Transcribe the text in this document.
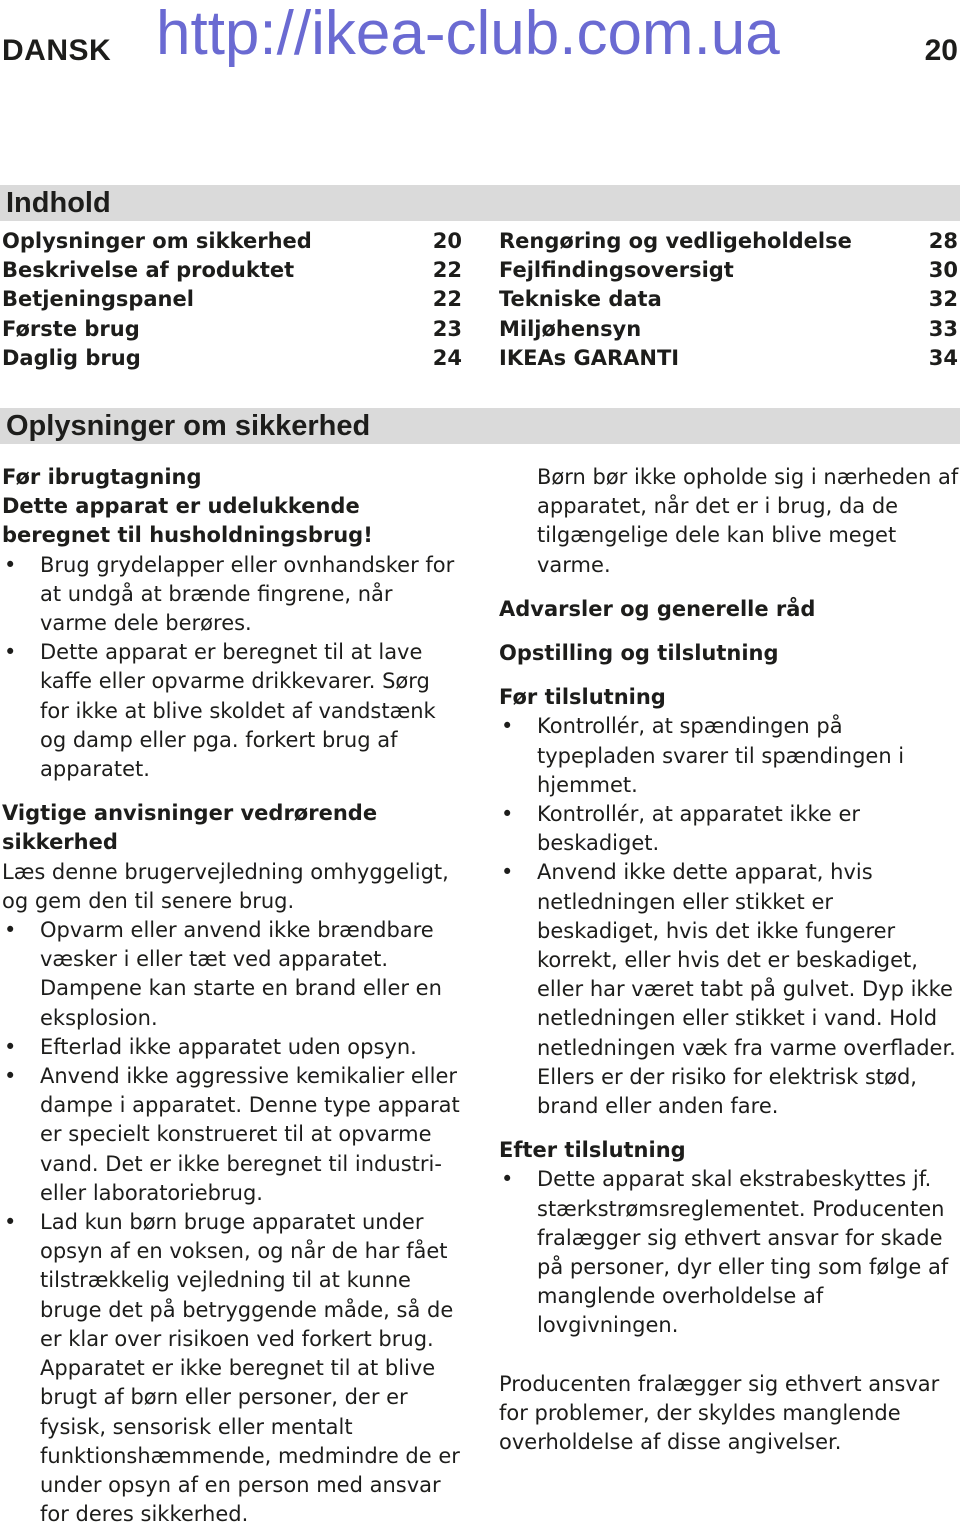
DANSK http://ikea-club.com.ua	20
Indhold
Oplysninger om sikkerhed	20
Beskrivelse af produktet	22
Betjeningspanel	22
Første brug	23
Daglig brug	24
Rengøring og vedligeholdelse	28
Fejlfindingsoversigt	30
Tekniske data	32
Miljøhensyn	33
IKEAs GARANTI	34
Oplysninger om sikkerhed

Før ibrugtagning

Dette apparat er udelukkende beregnet til husholdningsbrug!

• Brug grydelapper eller ovnhandsker for at undgå at brænde fingrene, når varme dele berøres.

• Dette apparat er beregnet til at lave kaffe eller opvarme drikkevarer. Sørg for ikke at blive skoldet af vandstænk og damp eller pga. forkert brug af apparatet.

Vigtige anvisninger vedrørende sikkerhed

Læs denne brugervejledning omhyggeligt, og gem den til senere brug.

• Opvarm eller anvend ikke brændbare væsker i eller tæt ved apparatet. Dampene kan starte en brand eller en eksplosion.

• Efterlad ikke apparatet uden opsyn.

• Anvend ikke aggressive kemikalier eller dampe i apparatet. Denne type apparat er specielt konstrueret til at opvarme vand. Det er ikke beregnet til industri- eller laboratoriebrug.

• Lad kun børn bruge apparatet under opsyn af en voksen, og når de har fået tilstrækkelig vejledning til at kunne bruge det på betryggende måde, så de er klar over risikoen ved forkert brug. Apparatet er ikke beregnet til at blive brugt af børn eller personer, der er fysisk, sensorisk eller mentalt funktionshæmmende, medmindre de er under opsyn af en person med ansvar for deres sikkerhed.

Børn bør ikke opholde sig i nærheden af apparatet, når det er i brug, da de tilgængelige dele kan blive meget varme.

Advarsler og generelle råd

Opstilling og tilslutning

Før tilslutning

• Kontrollér, at spændingen på typepladen svarer til spændingen i hjemmet.

• Kontrollér, at apparatet ikke er beskadiget.

• Anvend ikke dette apparat, hvis netledningen eller stikket er beskadiget, hvis det ikke fungerer korrekt, eller hvis det er beskadiget, eller har været tabt på gulvet. Dyp ikke netledningen eller stikket i vand. Hold netledningen væk fra varme overflader. Ellers er der risiko for elektrisk stød, brand eller anden fare.

Efter tilslutning

• Dette apparat skal ekstrabeskyttes jf. stærkstrømsreglementet. Producenten fralægger sig ethvert ansvar for skade på personer, dyr eller ting som følge af manglende overholdelse af lovgivningen.

Producenten fralægger sig ethvert ansvar for problemer, der skyldes manglende overholdelse af disse angivelser.
